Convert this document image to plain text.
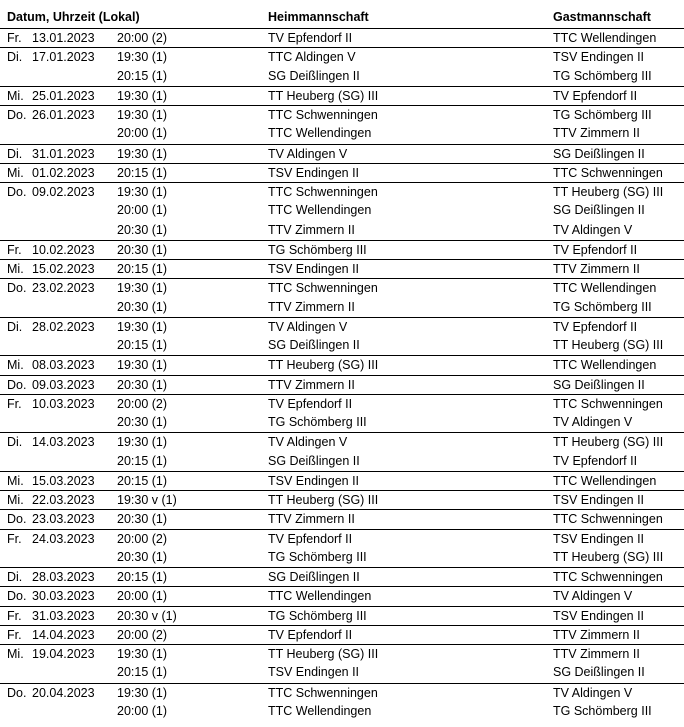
Datum, Uhrzeit (Lokal)	Heimmannschaft	Gastmannschaft
Fr. 13.01.2023 20:00 (2)	TV Epfendorf II	TTC Wellendingen
Di. 17.01.2023 19:30 (1)	TTC Aldingen V	TSV Endingen II
20:15 (1)	SG Deißlingen II	TG Schömberg III
Mi. 25.01.2023 19:30 (1)	TT Heuberg (SG) III	TV Epfendorf II
Do. 26.01.2023 19:30 (1)	TTC Schwenningen	TG Schömberg III
20:00 (1)	TTC Wellendingen	TTV Zimmern II
Di. 31.01.2023 19:30 (1)	TV Aldingen V	SG Deißlingen II
Mi. 01.02.2023 20:15 (1)	TSV Endingen II	TTC Schwenningen
Do. 09.02.2023 19:30 (1)	TTC Schwenningen	TT Heuberg (SG) III
20:00 (1)	TTC Wellendingen	SG Deißlingen II
20:30 (1)	TTV Zimmern II	TV Aldingen V
Fr. 10.02.2023 20:30 (1)	TG Schömberg III	TV Epfendorf II
Mi. 15.02.2023 20:15 (1)	TSV Endingen II	TTV Zimmern II
Do. 23.02.2023 19:30 (1)	TTC Schwenningen	TTC Wellendingen
20:30 (1)	TTV Zimmern II	TG Schömberg III
Di. 28.02.2023 19:30 (1)	TV Aldingen V	TV Epfendorf II
20:15 (1)	SG Deißlingen II	TT Heuberg (SG) III
Mi. 08.03.2023 19:30 (1)	TT Heuberg (SG) III	TTC Wellendingen
Do. 09.03.2023 20:30 (1)	TTV Zimmern II	SG Deißlingen II
Fr. 10.03.2023 20:00 (2)	TV Epfendorf II	TTC Schwenningen
20:30 (1)	TG Schömberg III	TV Aldingen V
Di. 14.03.2023 19:30 (1)	TV Aldingen V	TT Heuberg (SG) III
20:15 (1)	SG Deißlingen II	TV Epfendorf II
Mi. 15.03.2023 20:15 (1)	TSV Endingen II	TTC Wellendingen
Mi. 22.03.2023 19:30 v (1)	TT Heuberg (SG) III	TSV Endingen II
Do. 23.03.2023 20:30 (1)	TTV Zimmern II	TTC Schwenningen
Fr. 24.03.2023 20:00 (2)	TV Epfendorf II	TSV Endingen II
20:30 (1)	TG Schömberg III	TT Heuberg (SG) III
Di. 28.03.2023 20:15 (1)	SG Deißlingen II	TTC Schwenningen
Do. 30.03.2023 20:00 (1)	TTC Wellendingen	TV Aldingen V
Fr. 31.03.2023 20:30 v (1)	TG Schömberg III	TSV Endingen II
Fr. 14.04.2023 20:00 (2)	TV Epfendorf II	TTV Zimmern II
Mi. 19.04.2023 19:30 (1)	TT Heuberg (SG) III	TTV Zimmern II
20:15 (1)	TSV Endingen II	SG Deißlingen II
Do. 20.04.2023 19:30 (1)	TTC Schwenningen	TV Aldingen V
20:00 (1)	TTC Wellendingen	TG Schömberg III
